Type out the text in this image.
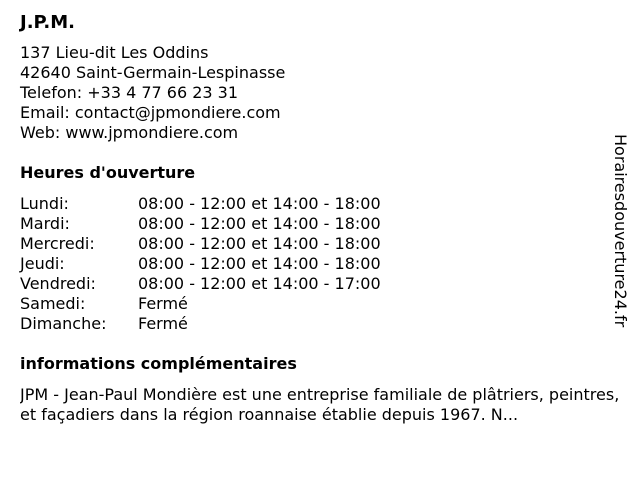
J.P.M.
137 Lieu-dit Les Oddins
42640 Saint-Germain-Lespinasse
Telefon: +33 4 77 66 23 31
Email: contact@jpmondiere.com
Web: www.jpmondiere.com
Heures d'ouverture
Lundi:	08:00 - 12:00 et 14:00 - 18:00
Mardi:	08:00 - 12:00 et 14:00 - 18:00
Mercredi:	08:00 - 12:00 et 14:00 - 18:00
Jeudi:	08:00 - 12:00 et 14:00 - 18:00
Vendredi:	08:00 - 12:00 et 14:00 - 17:00
Samedi:	Fermé
Dimanche:	Fermé
informations complémentaires
JPM - Jean-Paul Mondière est une entreprise familiale de plâtriers, peintres, et façadiers dans la région roannaise établie depuis 1967. N...
Horairesdouverture24.fr
